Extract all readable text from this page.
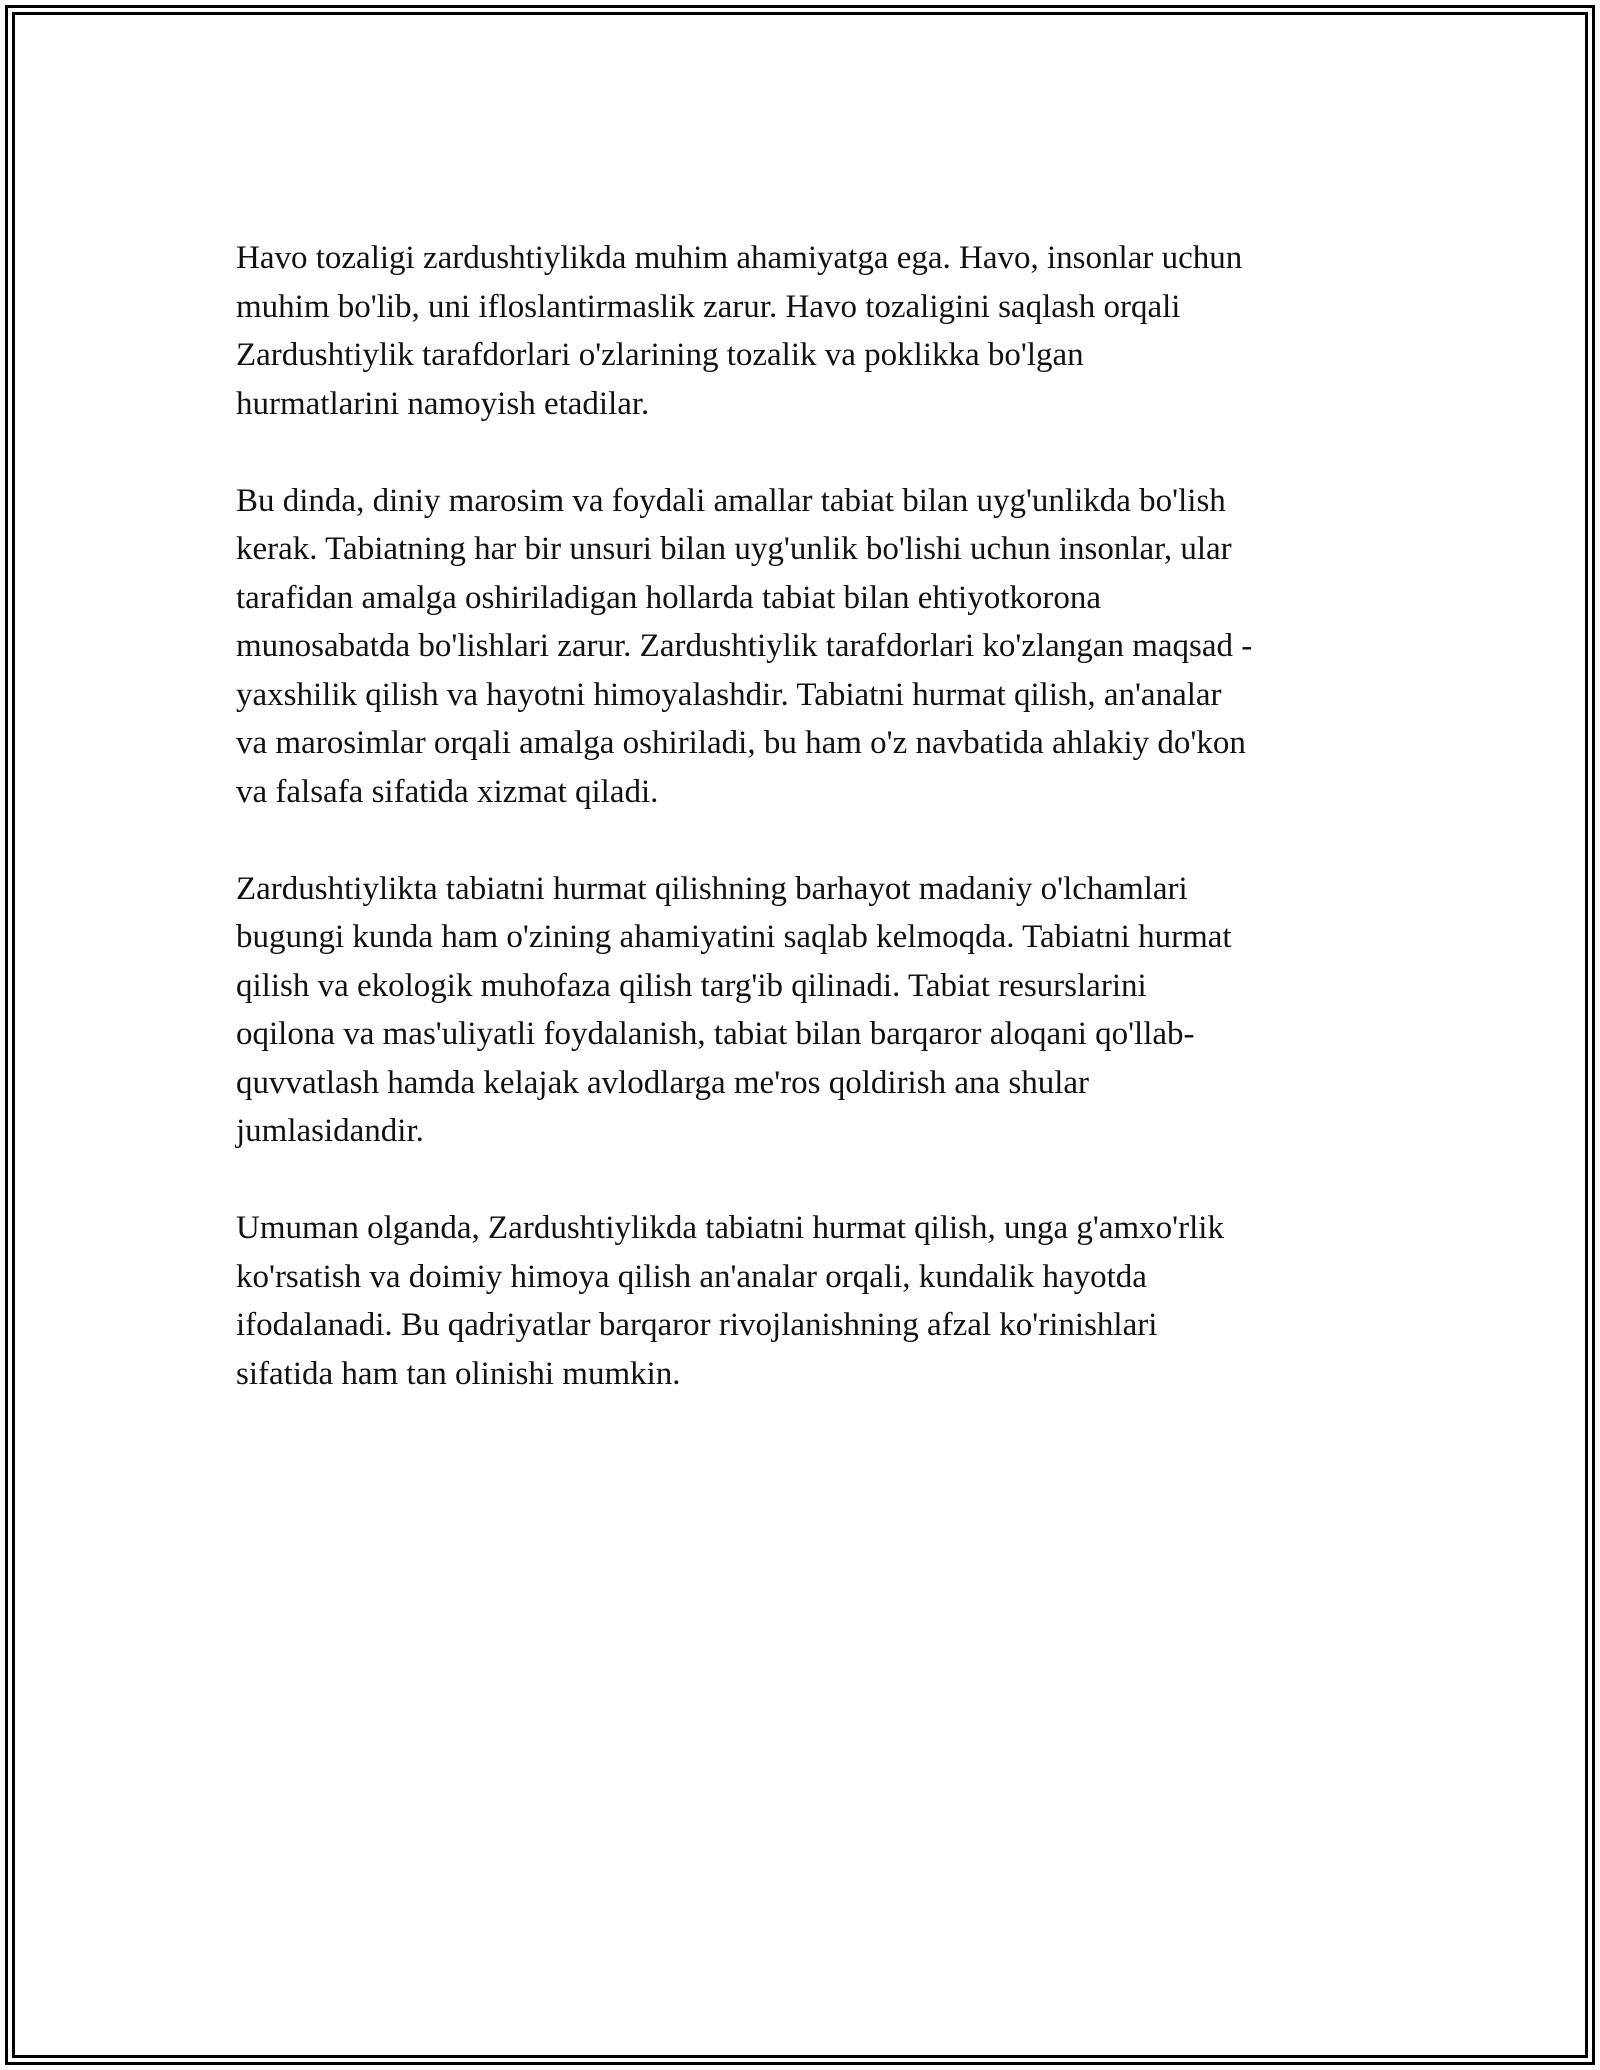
Havo tozaligi zardushtiylikda muhim ahamiyatga ega. Havo, insonlar uchun
muhim bo'lib, uni ifloslantirmaslik zarur. Havo tozaligini saqlash orqali
Zardushtiylik tarafdorlari o'zlarining tozalik va poklikka bo'lgan
hurmatlarini namoyish etadilar.

Bu dinda, diniy marosim va foydali amallar tabiat bilan uyg'unlikda bo'lish
kerak. Tabiatning har bir unsuri bilan uyg'unlik bo'lishi uchun insonlar, ular
tarafidan amalga oshiriladigan hollarda tabiat bilan ehtiyotkorona
munosabatda bo'lishlari zarur. Zardushtiylik tarafdorlari ko'zlangan maqsad -
yaxshilik qilish va hayotni himoyalashdir. Tabiatni hurmat qilish, an'analar
va marosimlar orqali amalga oshiriladi, bu ham o'z navbatida ahlakiy do'kon
va falsafa sifatida xizmat qiladi.

Zardushtiylikta tabiatni hurmat qilishning barhayot madaniy o'lchamlari
bugungi kunda ham o'zining ahamiyatini saqlab kelmoqda. Tabiatni hurmat
qilish va ekologik muhofaza qilish targ'ib qilinadi. Tabiat resurslarini
oqilona va mas'uliyatli foydalanish, tabiat bilan barqaror aloqani qo'llab-
quvvatlash hamda kelajak avlodlarga me'ros qoldirish ana shular
jumlasidandir.

Umuman olganda, Zardushtiylikda tabiatni hurmat qilish, unga g'amxo'rlik
ko'rsatish va doimiy himoya qilish an'analar orqali, kundalik hayotda
ifodalanadi. Bu qadriyatlar barqaror rivojlanishning afzal ko'rinishlari
sifatida ham tan olinishi mumkin.
